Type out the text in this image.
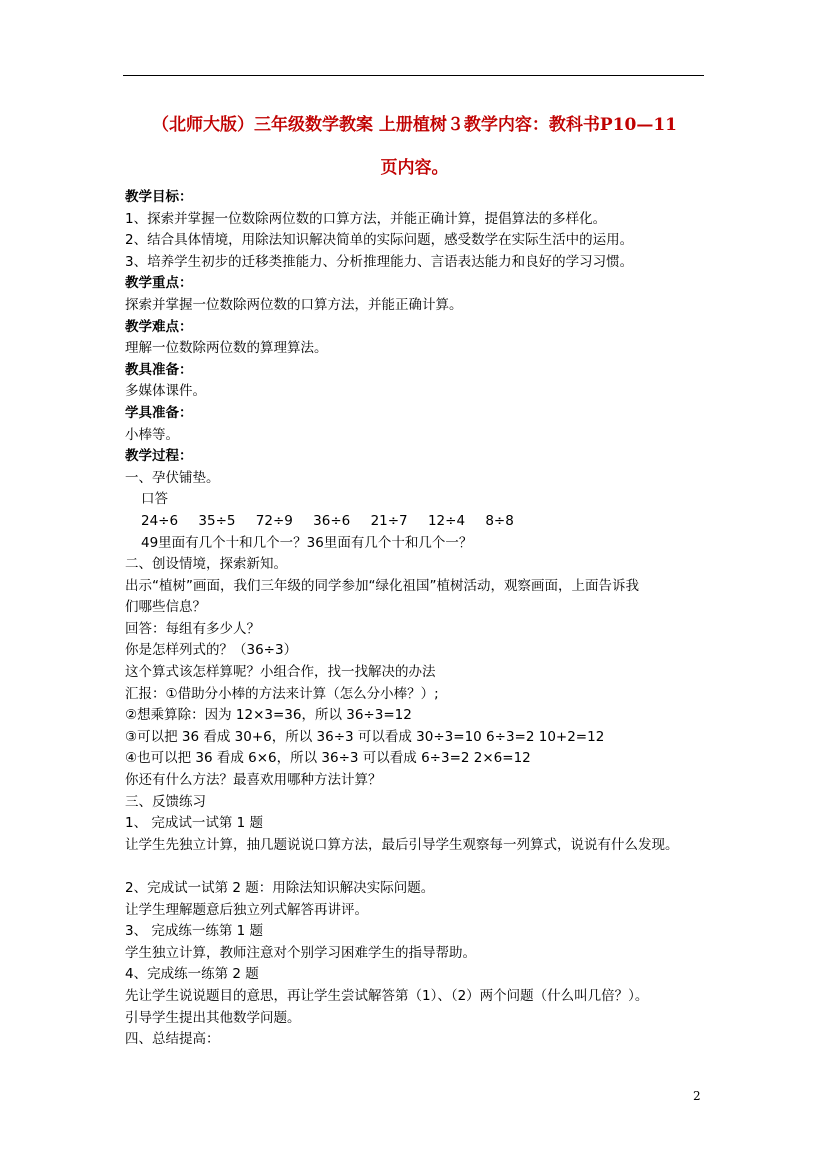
（北师大版）三年级数学教案 上册植树３教学内容：教科书P10—11
页内容。
教学目标：
1、探索并掌握一位数除两位数的口算方法，并能正确计算，提倡算法的多样化。
2、结合具体情境，用除法知识解决简单的实际问题，感受数学在实际生活中的运用。
3、培养学生初步的迁移类推能力、分析推理能力、言语表达能力和良好的学习习惯。
教学重点：
探索并掌握一位数除两位数的口算方法，并能正确计算。
教学难点：
理解一位数除两位数的算理算法。
教具准备：
多媒体课件。
学具准备：
小棒等。
教学过程：
一、孕伏铺垫。
口答
24÷6 35÷5 72÷9 36÷6 21÷7 12÷4 8÷8
49里面有几个十和几个一？36里面有几个十和几个一？
二、创设情境，探索新知。
出示“植树”画面，我们三年级的同学参加“绿化祖国”植树活动，观察画面，上面告诉我
们哪些信息？
回答：每组有多少人？
你是怎样列式的？（36÷3）
这个算式该怎样算呢？小组合作，找一找解决的办法
汇报：①借助分小棒的方法来计算（怎么分小棒？）;
②想乘算除：因为 12×3=36，所以 36÷3=12
③可以把 36 看成 30+6，所以 36÷3 可以看成 30÷3=10 6÷3=2 10+2=12
④也可以把 36 看成 6×6，所以 36÷3 可以看成 6÷3=2 2×6=12
你还有什么方法？最喜欢用哪种方法计算？
三、反馈练习
1、 完成试一试第 1 题
让学生先独立计算，抽几题说说口算方法，最后引导学生观察每一列算式，说说有什么发现。
2、完成试一试第 2 题：用除法知识解决实际问题。
让学生理解题意后独立列式解答再讲评。
3、 完成练一练第 1 题
学生独立计算，教师注意对个别学习困难学生的指导帮助。
4、完成练一练第 2 题
先让学生说说题目的意思，再让学生尝试解答第（1）、（2）两个问题（什么叫几倍？）。
引导学生提出其他数学问题。
四、总结提高：
2
